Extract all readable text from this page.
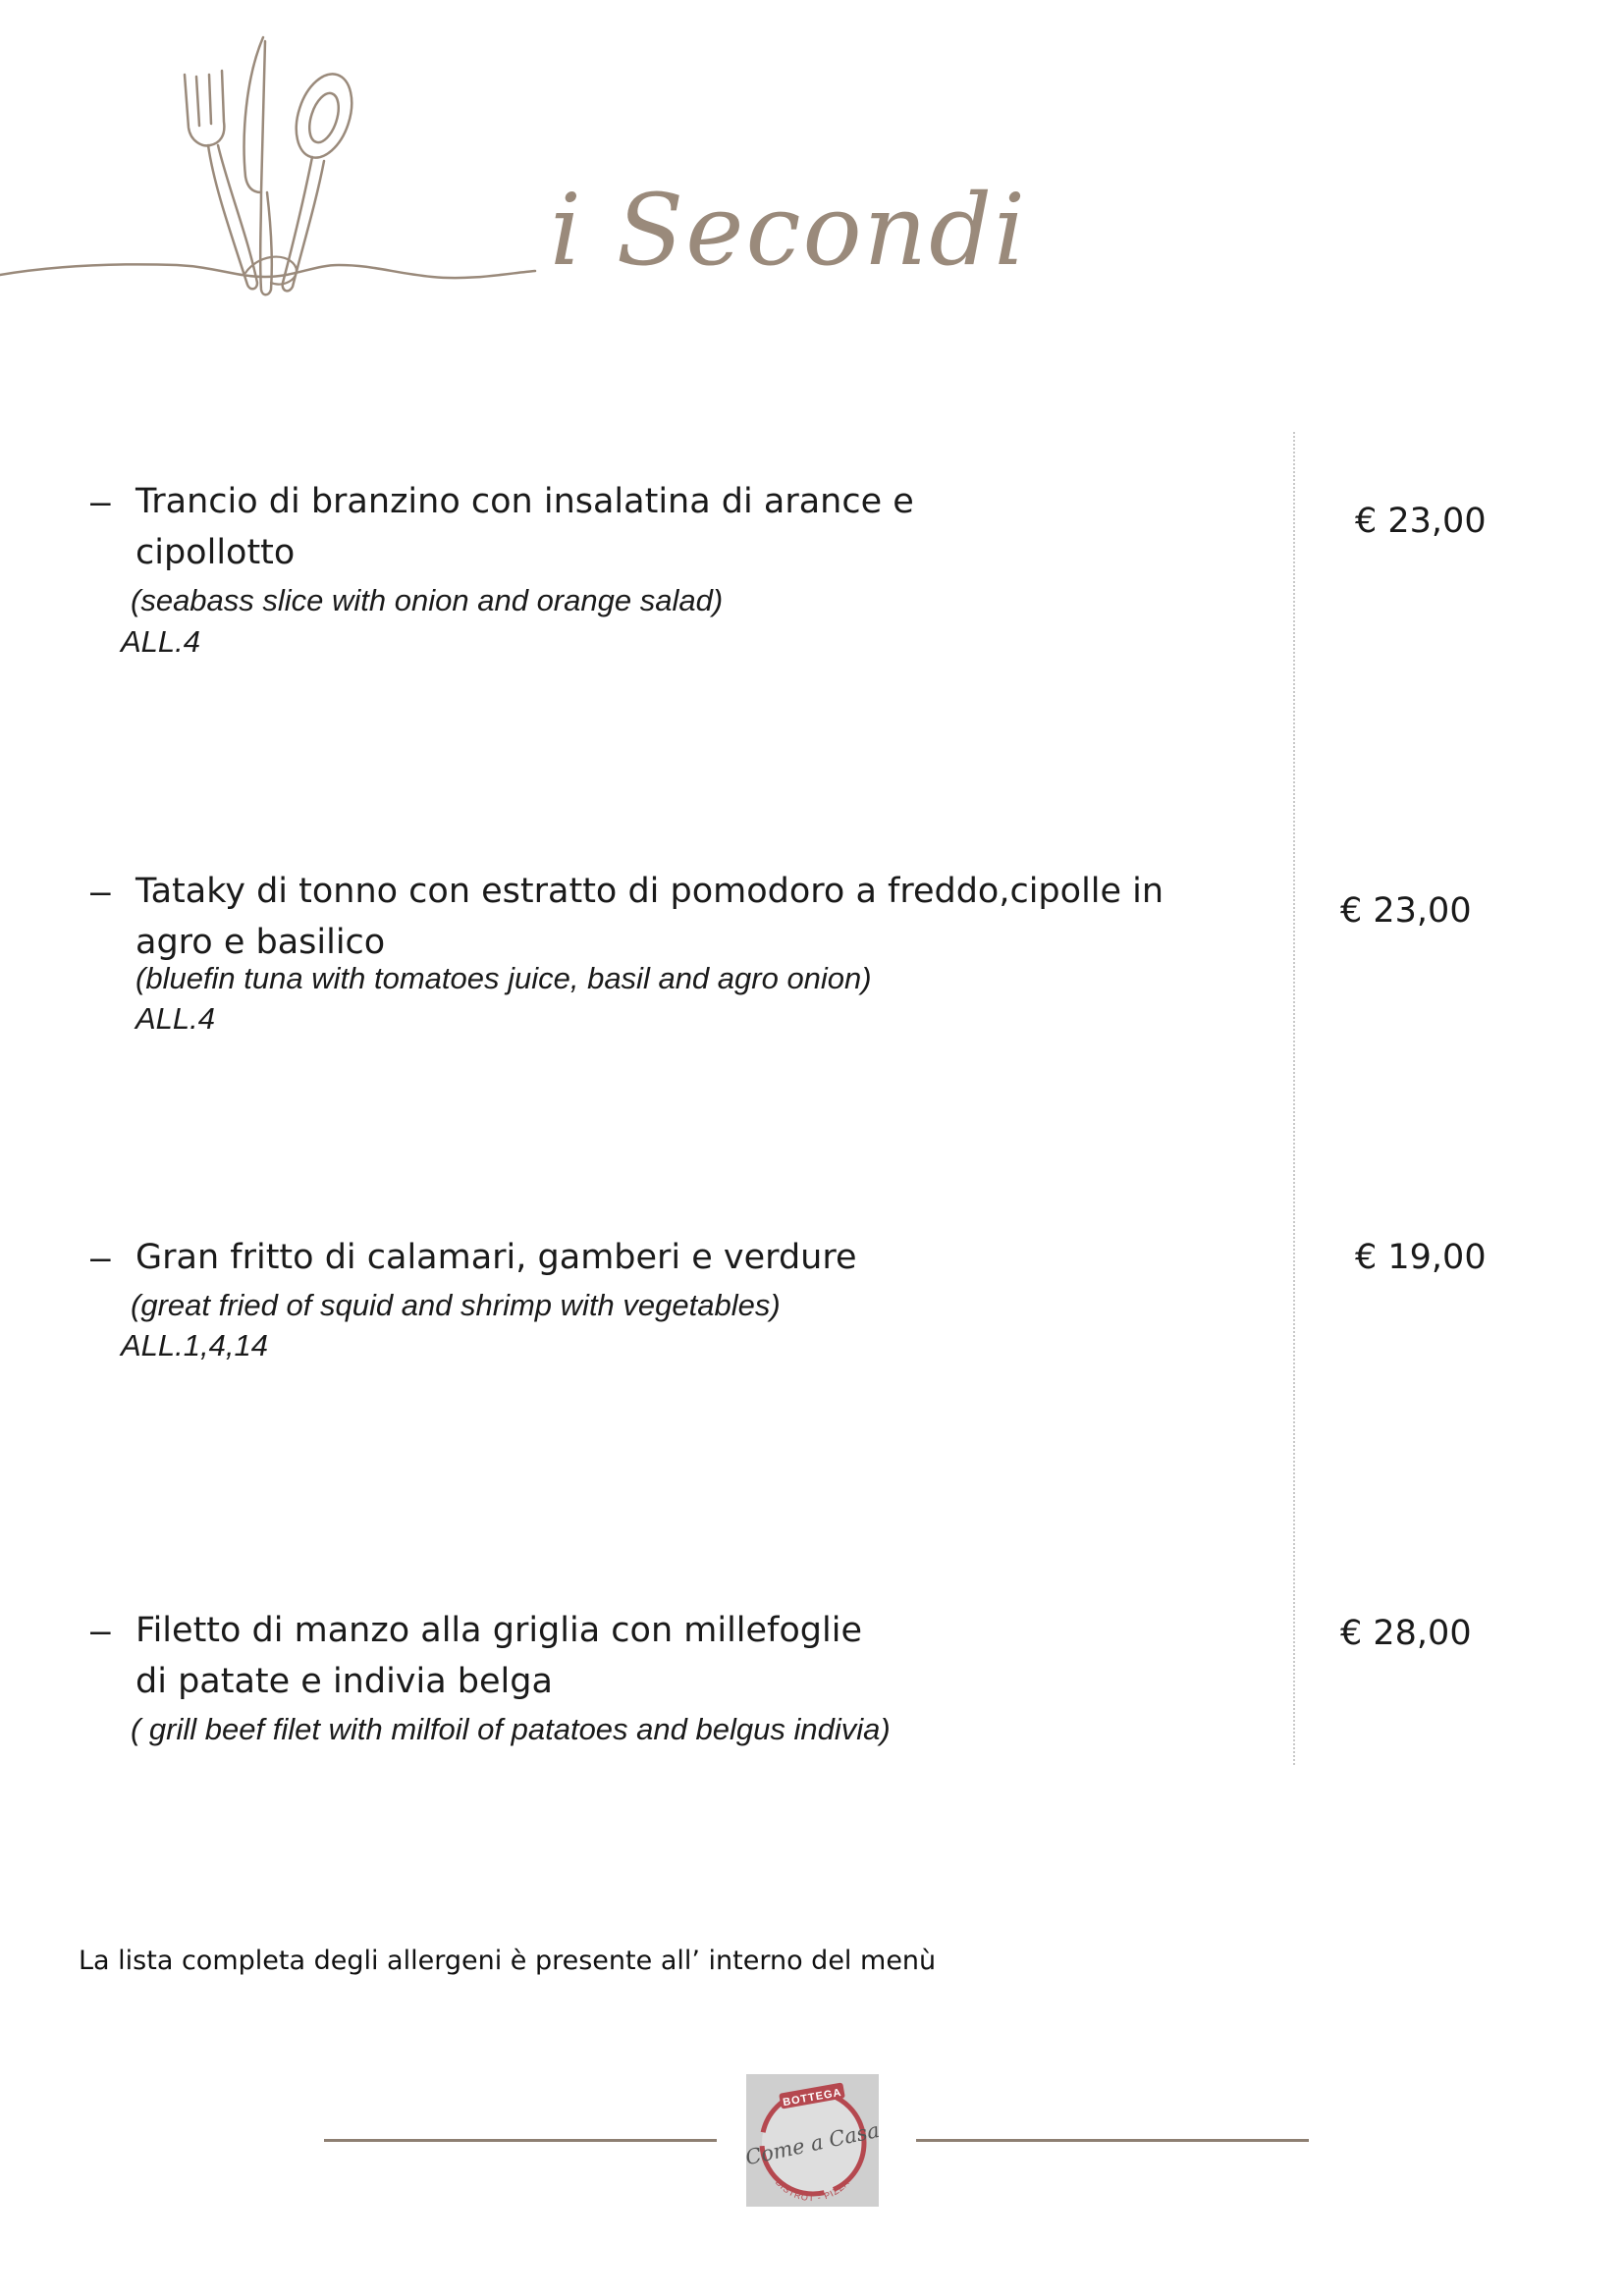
i Secondi
– Trancio di branzino con insalatina di arance e cipollotto
(seabass slice with onion and orange salad)
ALL.4
€ 23,00
– Tataky di tonno con estratto di pomodoro a freddo,cipolle in agro e basilico
(bluefin tuna with tomatoes juice, basil and agro onion)
ALL.4
€ 23,00
– Gran fritto di calamari, gamberi e verdure
(great fried of squid and shrimp with vegetables)
ALL.1,4,14
€ 19,00
– Filetto di manzo alla griglia con millefoglie di patate e indivia belga
( grill beef filet with milfoil of patatoes and belgus indivia)
€ 28,00
La lista completa degli allergeni è presente all’ interno del menù
BOTTEGA
Come a Casa
BISTROT - PIZZA
